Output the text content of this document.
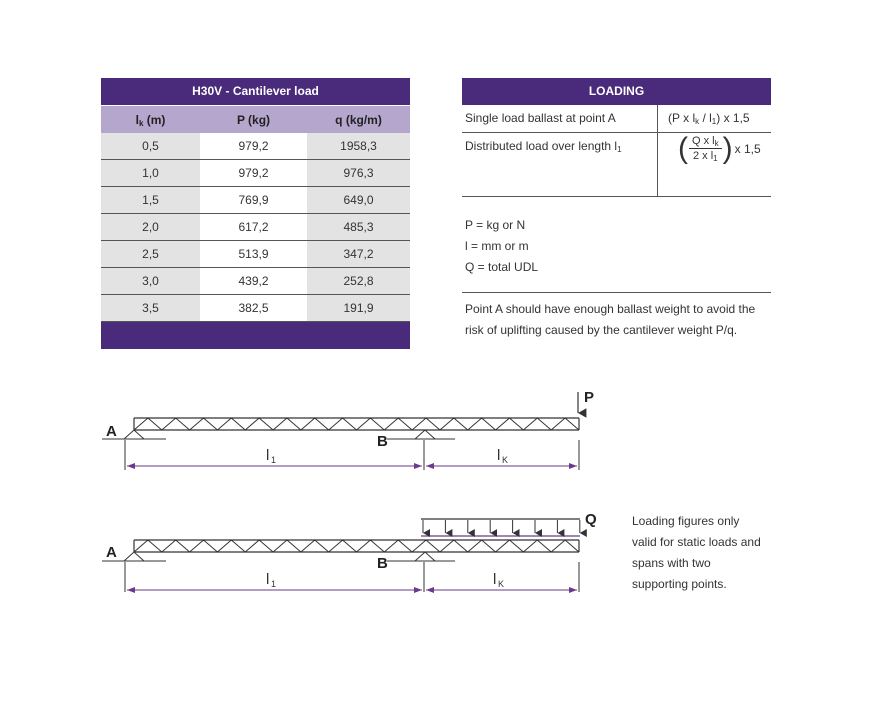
H30V - Cantilever load
$l_k$ (m)	P (kg)	q (kg/m)
0,5	979,2	1958,3
1,0	979,2	976,3
1,5	769,9	649,0
2,0	617,2	485,3
2,5	513,9	347,2
3,0	439,2	252,8
3,5	382,5	191,9
LOADING
Single load ballast at point A	(P x $l_k / l_1$) x 1,5
Distributed load over length $l_1$	( $\frac{Q x l_k}{2 x l_1}$ ) x 1,5
P = kg or N
l = mm or m
Q = total UDL
Point A should have enough ballast weight to avoid the risk of uplifting caused by the cantilever weight P/q.
Loading figures only valid for static loads and spans with two supporting points.
A
B
l 1	l K
P
A
B
l 1	l K
Q
